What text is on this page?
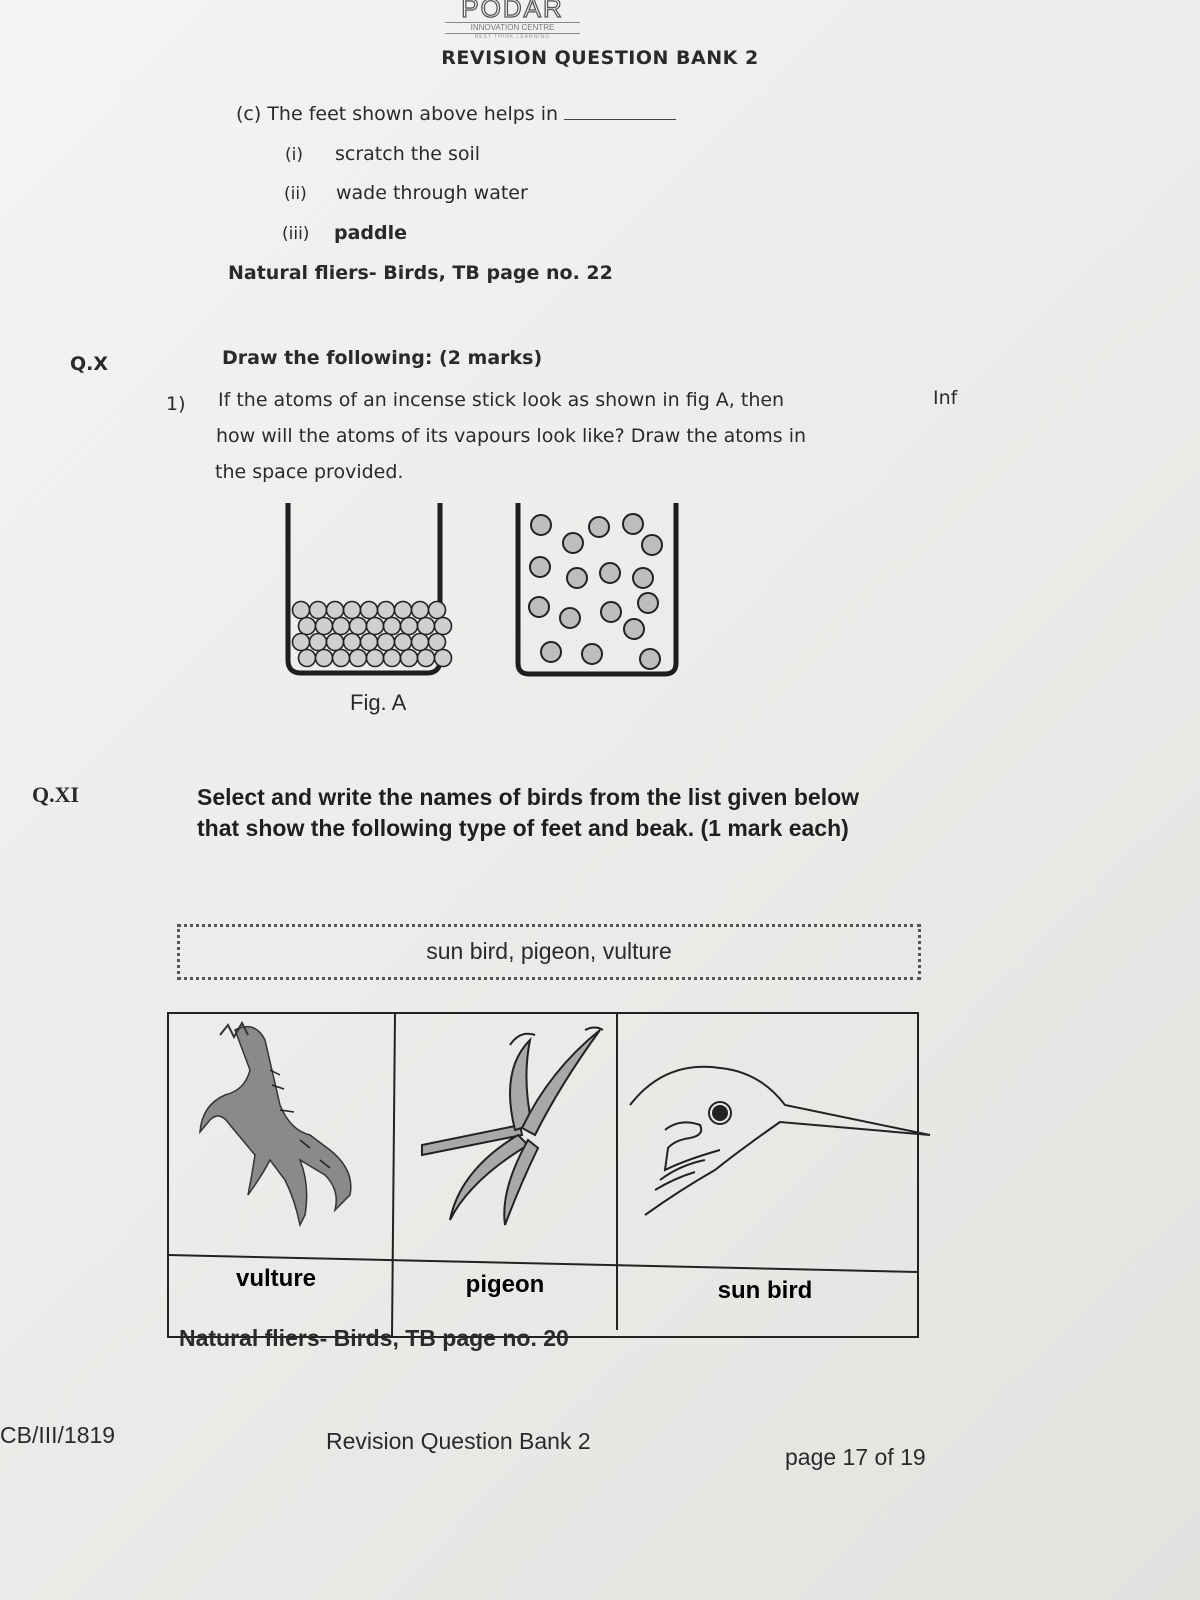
PODAR
INNOVATION CENTRE
BEST THINK LEARNING
REVISION QUESTION BANK 2
(c) The feet shown above helps in
(i) scratch the soil
(ii) wade through water
(iii) paddle
Natural fliers- Birds, TB page no. 22
Q.X	Draw the following: (2 marks)
1) If the atoms of an incense stick look as shown in fig A, then
how will the atoms of its vapours look like? Draw the atoms in
the space provided.
Inf
Fig. A
Q.XI	Select and write the names of birds from the list given below that show the following type of feet and beak. (1 mark each)
sun bird, pigeon, vulture
vulture	pigeon	sun bird
Natural fliers- Birds, TB page no. 20
CB/III/1819	Revision Question Bank 2
page 17 of 19
